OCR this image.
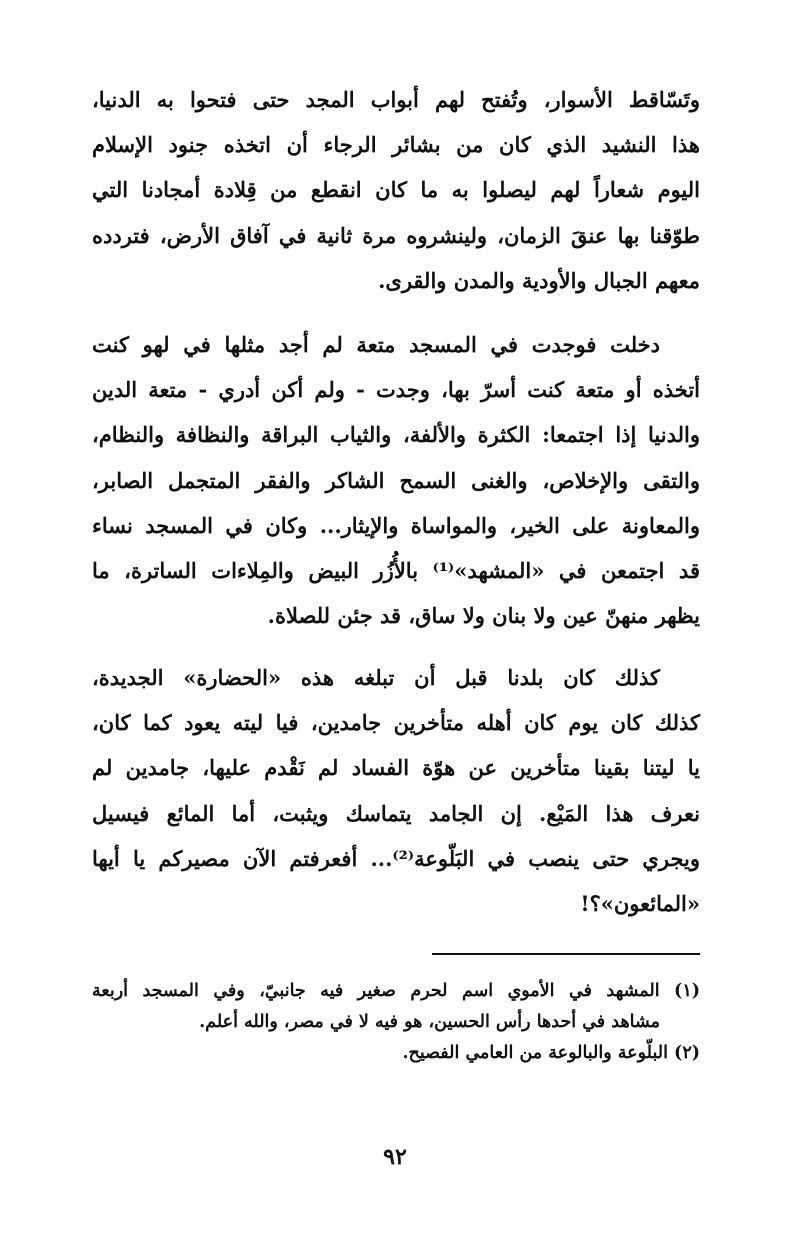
وتَسّاقط الأسوار، وتُفتح لهم أبواب المجد حتى فتحوا به الدنيا،
هذا النشيد الذي كان من بشائر الرجاء أن اتخذه جنود الإسلام
اليوم شعاراً لهم ليصلوا به ما كان انقطع من قِلادة أمجادنا التي
طوّقنا بها عنقَ الزمان، ولينشروه مرة ثانية في آفاق الأرض، فتردده
معهم الجبال والأودية والمدن والقرى.
دخلت فوجدت في المسجد متعة لم أجد مثلها في لهو كنت
أتخذه أو متعة كنت أسرّ بها، وجدت - ولم أكن أدري - متعة الدين
والدنيا إذا اجتمعا: الكثرة والألفة، والثياب البراقة والنظافة والنظام،
والتقى والإخلاص، والغنى السمح الشاكر والفقر المتجمل الصابر،
والمعاونة على الخير، والمواساة والإيثار... وكان في المسجد نساء
قد اجتمعن في «المشهد»⁽¹⁾ بالأُزُر البيض والمِلاءات الساترة، ما
يظهر منهنّ عين ولا بنان ولا ساق، قد جئن للصلاة.
كذلك كان بلدنا قبل أن تبلغه هذه «الحضارة» الجديدة،
كذلك كان يوم كان أهله متأخرين جامدين، فيا ليته يعود كما كان،
يا ليتنا بقينا متأخرين عن هوّة الفساد لم نَقْدم عليها، جامدين لم
نعرف هذا المَيْع. إن الجامد يتماسك ويثبت، أما المائع فيسيل
ويجري حتى ينصب في البَلّوعة⁽²⁾... أفعرفتم الآن مصيركم يا أيها
«المائعون»؟!
(١) المشهد في الأموي اسم لحرم صغير فيه جانبيّ، وفي المسجد أربعة
مشاهد في أحدها رأس الحسين، هو فيه لا في مصر، والله أعلم.
(٢) البلّوعة والبالوعة من العامي الفصيح.
٩٢
